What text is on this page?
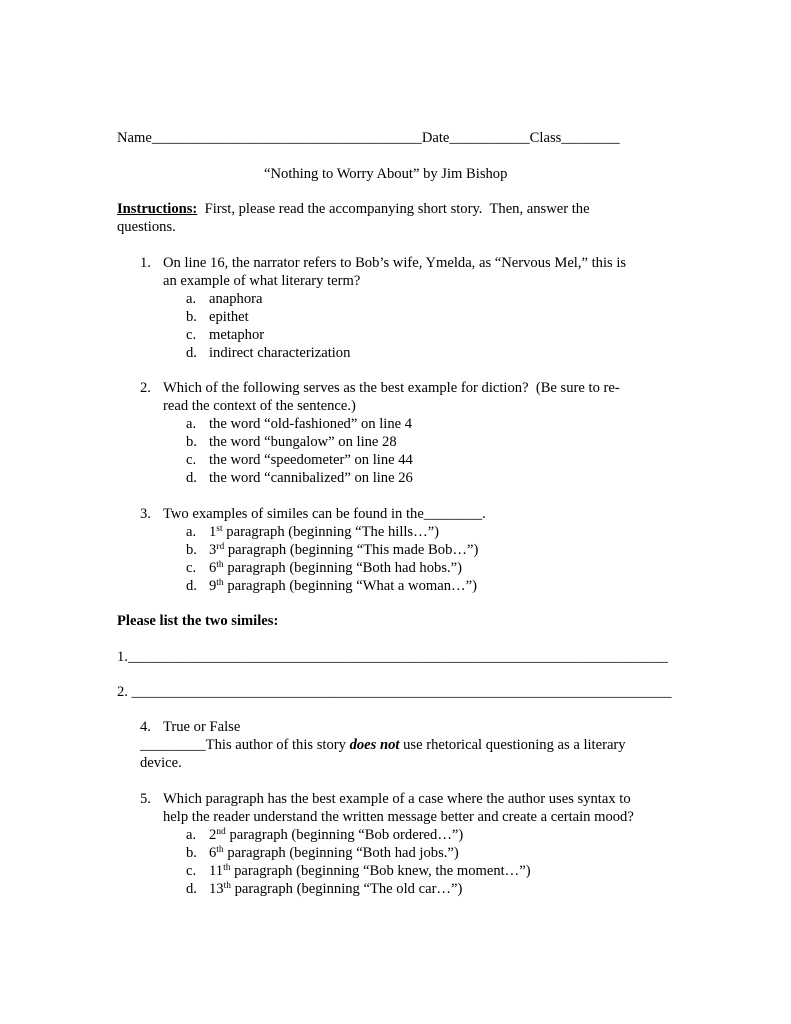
Name_____________________________________Date___________Class________

“Nothing to Worry About” by Jim Bishop

Instructions:  First, please read the accompanying short story.  Then, answer the

questions.

1. On line 16, the narrator refers to Bob’s wife, Ymelda, as “Nervous Mel,” this is

an example of what literary term?

a. anaphora
b. epithet
c. metaphor
d. indirect characterization
2. Which of the following serves as the best example for diction?  (Be sure to re-

read the context of the sentence.)

a. the word “old-fashioned” on line 4
b. the word “bungalow” on line 28
c. the word “speedometer” on line 44
d. the word “cannibalized” on line 26
3. Two examples of similes can be found in the________.

a. 1st paragraph (beginning “The hills…”)
b. 3rd paragraph (beginning “This made Bob…”)
c. 6th paragraph (beginning “Both had hobs.”)
d. 9th paragraph (beginning “What a woman…”)

Please list the two similes:

1.__________________________________________________________________________

2. __________________________________________________________________________

4. True or False

_________This author of this story does not use rhetorical questioning as a literary

device.

5. Which paragraph has the best example of a case where the author uses syntax to

help the reader understand the written message better and create a certain mood?

a. 2nd paragraph (beginning “Bob ordered…”)
b. 6th paragraph (beginning “Both had jobs.”)
c. 11th paragraph (beginning “Bob knew, the moment…”)
d. 13th paragraph (beginning “The old car…”)
